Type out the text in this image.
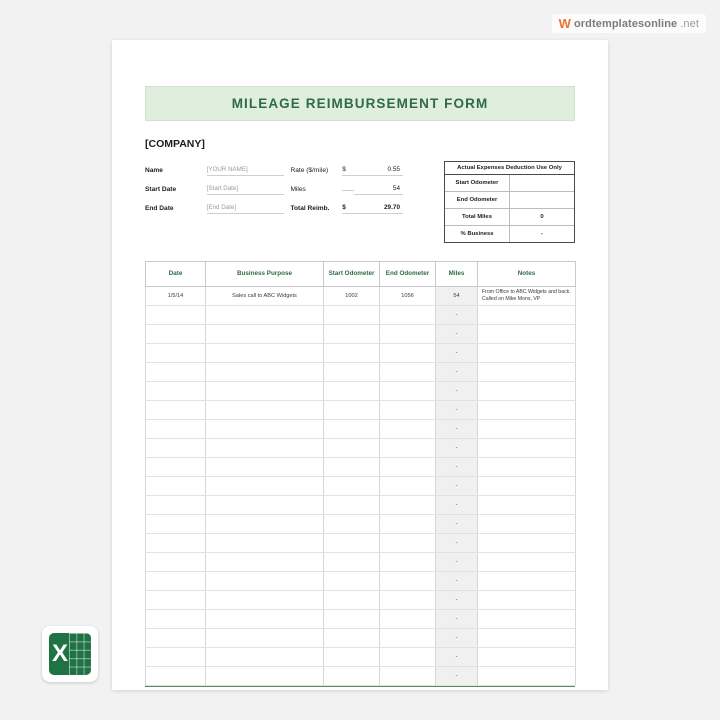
W ordtemplatesonline .net
X
MILEAGE REIMBURSEMENT FORM
[COMPANY]
Name	[YOUR NAME]	Rate ($/mile)	$	0.55
Start Date	[Start Date]	Miles	54
End Date	[End Date]	Total Reimb.	$	29.70
Actual Expenses Deduction Use Only
Start Odometer
End Odometer
Total Miles	0
% Business	-
Date	Business Purpose	Start Odometer	End Odometer	Miles	Notes
1/5/14	Sales call to ABC Widgets	1002	1056	54	From Office to ABC Widgets and back. Called on Mike Mons, VP
				-	
				-	
				-	
				-	
				-	
				-	
				-	
				-	
				-	
				-	
				-	
				-	
				-	
				-	
				-	
				-	
				-	
				-	
				-	
				-	
